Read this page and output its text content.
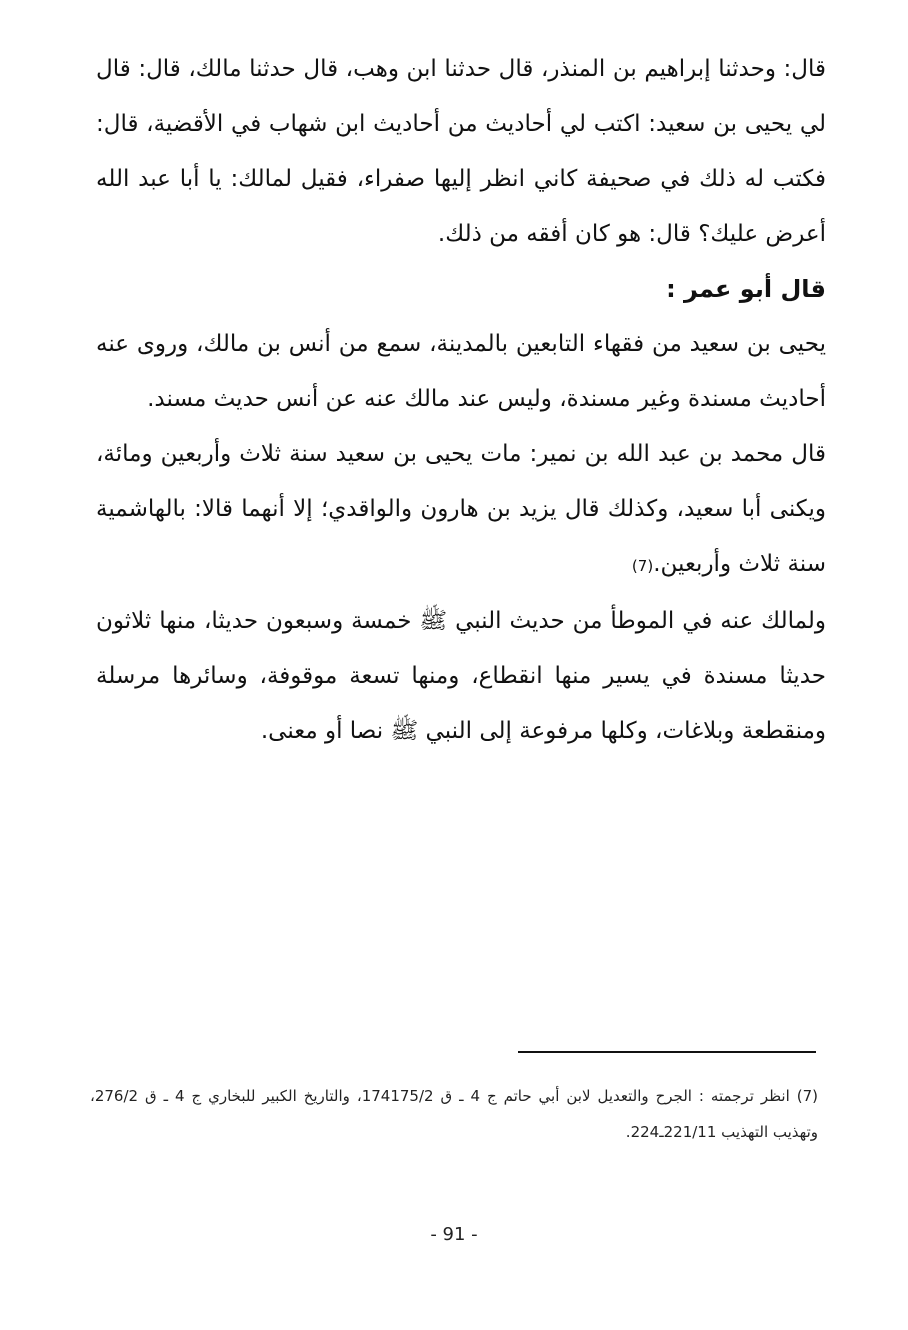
قال: وحدثنا إبراهيم بن المنذر، قال حدثنا ابن وهب، قال حدثنا مالك، قال: قال لي يحيى بن سعيد: اكتب لي أحاديث من أحاديث ابن شهاب في الأقضية، قال: فكتب له ذلك في صحيفة كاني انظر إليها صفراء، فقيل لمالك: يا أبا عبد الله أعرض عليك؟ قال: هو كان أفقه من ذلك.

قال أبو عمر :

يحيى بن سعيد من فقهاء التابعين بالمدينة، سمع من أنس بن مالك، وروى عنه أحاديث مسندة وغير مسندة، وليس عند مالك عنه عن أنس حديث مسند.

قال محمد بن عبد الله بن نمير: مات يحيى بن سعيد سنة ثلاث وأربعين ومائة، ويكنى أبا سعيد، وكذلك قال يزيد بن هارون والواقدي؛ إلا أنهما قالا: بالهاشمية سنة ثلاث وأربعين.(7)

ولمالك عنه في الموطأ من حديث النبي ﷺ خمسة وسبعون حديثا، منها ثلاثون حديثا مسندة في يسير منها انقطاع، ومنها تسعة موقوفة، وسائرها مرسلة ومنقطعة وبلاغات، وكلها مرفوعة إلى النبي ﷺ نصا أو معنى.

(7) انظر ترجمته : الجرح والتعديل لابن أبي حاتم ج 4 ـ ق 174175/2، والتاريخ الكبير للبخاري ج 4 ـ ق 276/2، وتهذيب التهذيب 221/11ـ224.
- 91 -
